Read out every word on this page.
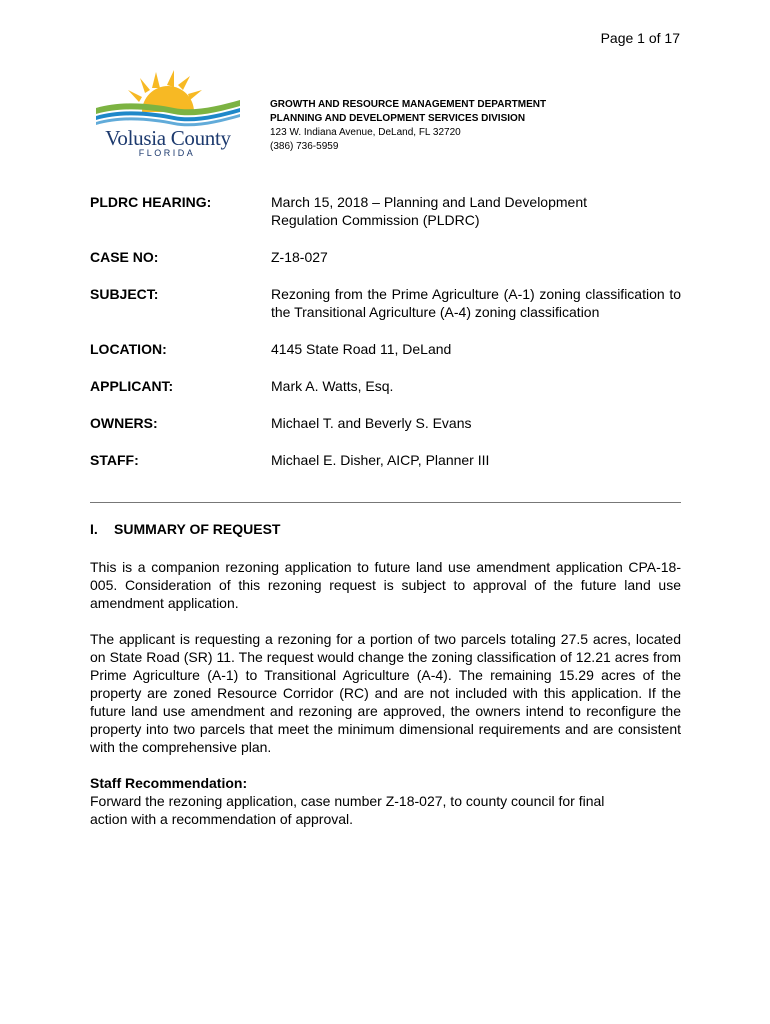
Page 1 of 17
Volusia County
FLORIDA
GROWTH AND RESOURCE MANAGEMENT DEPARTMENT
PLANNING AND DEVELOPMENT SERVICES DIVISION
123 W. Indiana Avenue, DeLand, FL 32720
(386) 736-5959
PLDRC HEARING:	March 15, 2018 – Planning and Land Development
Regulation Commission (PLDRC)
CASE NO:	Z-18-027
SUBJECT:	Rezoning from the Prime Agriculture (A-1) zoning classification to the Transitional Agriculture (A-4) zoning classification
LOCATION:	4145 State Road 11, DeLand
APPLICANT:	Mark A. Watts, Esq.
OWNERS:	Michael T. and Beverly S. Evans
STAFF:	Michael E. Disher, AICP, Planner III
I.	SUMMARY OF REQUEST

This is a companion rezoning application to future land use amendment application CPA-18-005. Consideration of this rezoning request is subject to approval of the future land use amendment application.

The applicant is requesting a rezoning for a portion of two parcels totaling 27.5 acres, located on State Road (SR) 11. The request would change the zoning classification of 12.21 acres from Prime Agriculture (A-1) to Transitional Agriculture (A-4). The remaining 15.29 acres of the property are zoned Resource Corridor (RC) and are not included with this application. If the future land use amendment and rezoning are approved, the owners intend to reconfigure the property into two parcels that meet the minimum dimensional requirements and are consistent with the comprehensive plan.

Staff Recommendation:
Forward the rezoning application, case number Z-18-027, to county council for final
action with a recommendation of approval.
